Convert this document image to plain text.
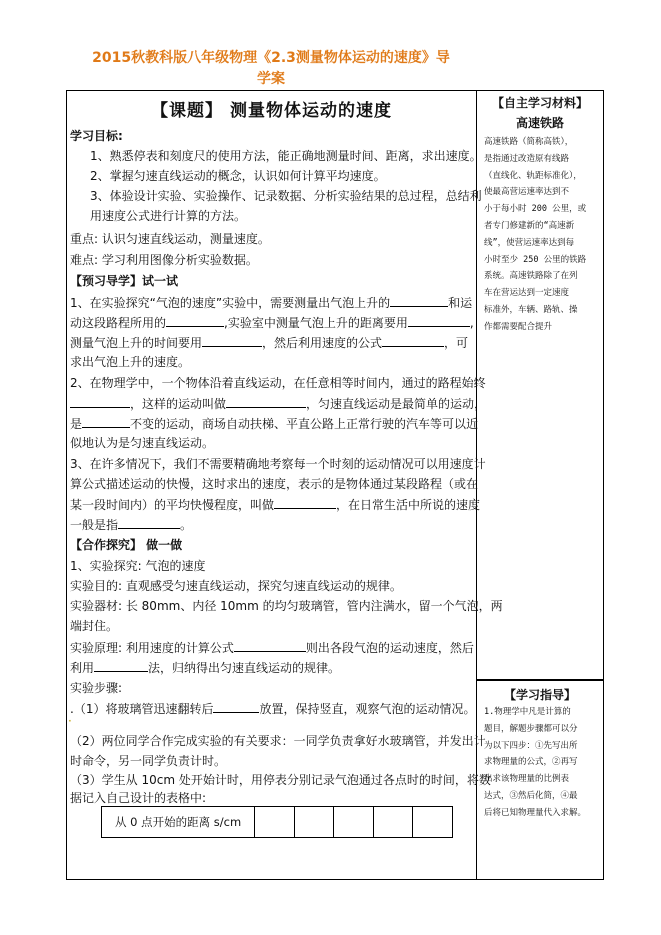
2015秋教科版八年级物理《2.3测量物体运动的速度》导
学案
【课题】 测量物体运动的速度
学习目标:
1、熟悉停表和刻度尺的使用方法，能正确地测量时间、距离，求出速度。
2、掌握匀速直线运动的概念，认识如何计算平均速度。
3、体验设计实验、实验操作、记录数据、分析实验结果的总过程，总结利
用速度公式进行计算的方法。
重点: 认识匀速直线运动，测量速度。
难点: 学习利用图像分析实验数据。
【预习导学】试一试
1、在实验探究“气泡的速度”实验中，需要测量出气泡上升的	和运
动这段路程所用的	,实验室中测量气泡上升的距离要用	,
测量气泡上升的时间要用	，然后利用速度的公式	，可
求出气泡上升的速度。
2、在物理学中，一个物体沿着直线运动，在任意相等时间内，通过的路程始终
，这样的运动叫做	，匀速直线运动是最简单的运动，
是	不变的运动，商场自动扶梯、平直公路上正常行驶的汽车等可以近
似地认为是匀速直线运动。
3、在许多情况下，我们不需要精确地考察每一个时刻的运动情况可以用速度计
算公式描述运动的快慢，这时求出的速度，表示的是物体通过某段路程（或在
某一段时间内）的平均快慢程度，叫做	，在日常生活中所说的速度
一般是指	。
【合作探究】 做一做
1、实验探究: 气泡的速度
实验目的: 直观感受匀速直线运动，探究匀速直线运动的规律。
实验器材: 长 80mm、内径 10mm 的均匀玻璃管，管内注满水，留一个气泡，两
端封住。
实验原理: 利用速度的计算公式	则出各段气泡的运动速度，然后
利用	法，归纳得出匀速直线运动的规律。
实验步骤:
.（1）将玻璃管迅速翻转后	放置，保持竖直，观察气泡的运动情况。
·
（2）两位同学合作完成实验的有关要求：一同学负责拿好水玻璃管，并发出计
时命令，另一同学负责计时。
（3）学生从 10cm 处开始计时，用停表分别记录气泡通过各点时的时间，将数
据记入自己设计的表格中:
从 0 点开始的距离 s/cm					
【自主学习材料】
高速铁路
高速铁路（简称高铁），
是指通过改造原有线路
（直线化、轨距标准化），
使最高营运速率达到不
小于每小时 200 公里，或
者专门修建新的“高速新
线”，使营运速率达到每
小时至少 250 公里的铁路
系统。高速铁路除了在列
车在营运达到一定速度
标准外，车辆、路轨、操
作都需要配合提升
【学习指导】
1.物理学中凡是计算的
题目，解题步骤都可以分
为以下四步：①先写出所
求物理量的公式，②再写
出求该物理量的比例表
达式，③然后化简，④最
后将已知物理量代入求解。
